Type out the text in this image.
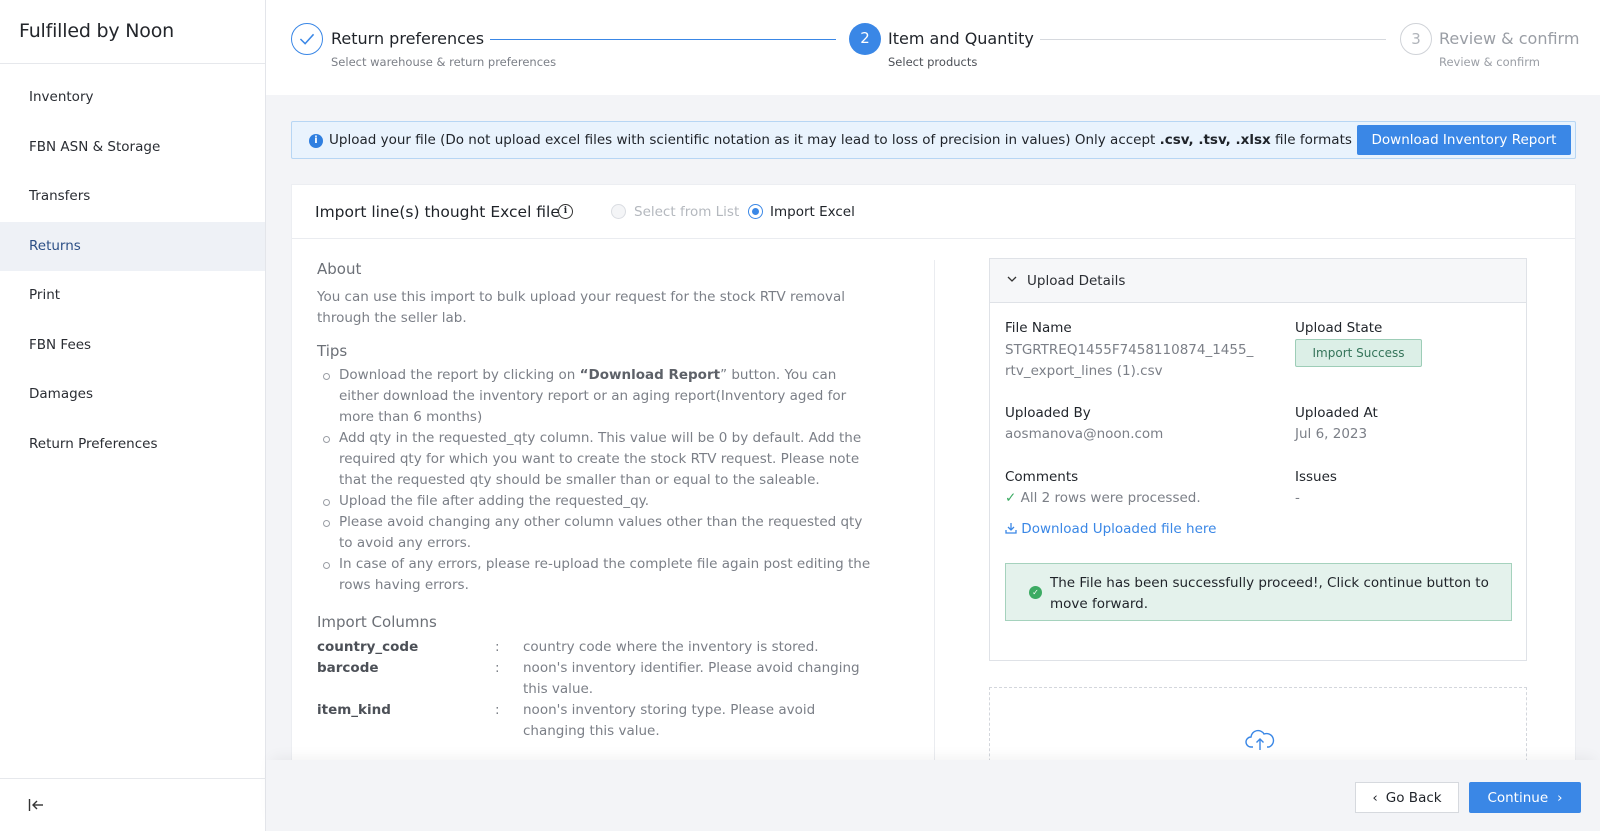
Fulfilled by Noon
Inventory
FBN ASN & Storage
Transfers
Returns
Print
FBN Fees
Damages
Return Preferences
Return preferences
Select warehouse & return preferences
2	Item and Quantity
Select products
3	Review & confirm
Review & confirm
i Upload your file (Do not upload excel files with scientific notation as it may lead to loss of precision in values) Only accept .csv, .tsv, .xlsx file formats	Download Inventory Report
Import line(s) thought Excel file i	Select from List Import Excel
About

You can use this import to bulk upload your request for the stock RTV removal through the seller lab.

Tips
Download the report by clicking on “Download Report” button. You can either download the inventory report or an aging report(Inventory aged for more than 6 months)
Add qty in the requested_qty column. This value will be 0 by default. Add the required qty for which you want to create the stock RTV request. Please note that the requested qty should be smaller than or equal to the saleable.
Upload the file after adding the requested_qy.
Please avoid changing any other column values other than the requested qty to avoid any errors.
In case of any errors, please re-upload the complete file again post editing the rows having errors.
Import Columns
country_code	:	country code where the inventory is stored.
barcode	:	noon's inventory identifier. Please avoid changing this value.
item_kind	:	noon's inventory storing type. Please avoid changing this value.
Upload Details
File Name
STGRTREQ1455F7458110874_1455_
rtv_export_lines (1).csv
Upload State
Import Success
Uploaded By
aosmanova@noon.com
Uploaded At
Jul 6, 2023
Comments
✓ All 2 rows were processed.
Issues
-
Download Uploaded file here
✓
The File has been successfully proceed!, Click continue button to move forward.
‹ Go Back	Continue ›
